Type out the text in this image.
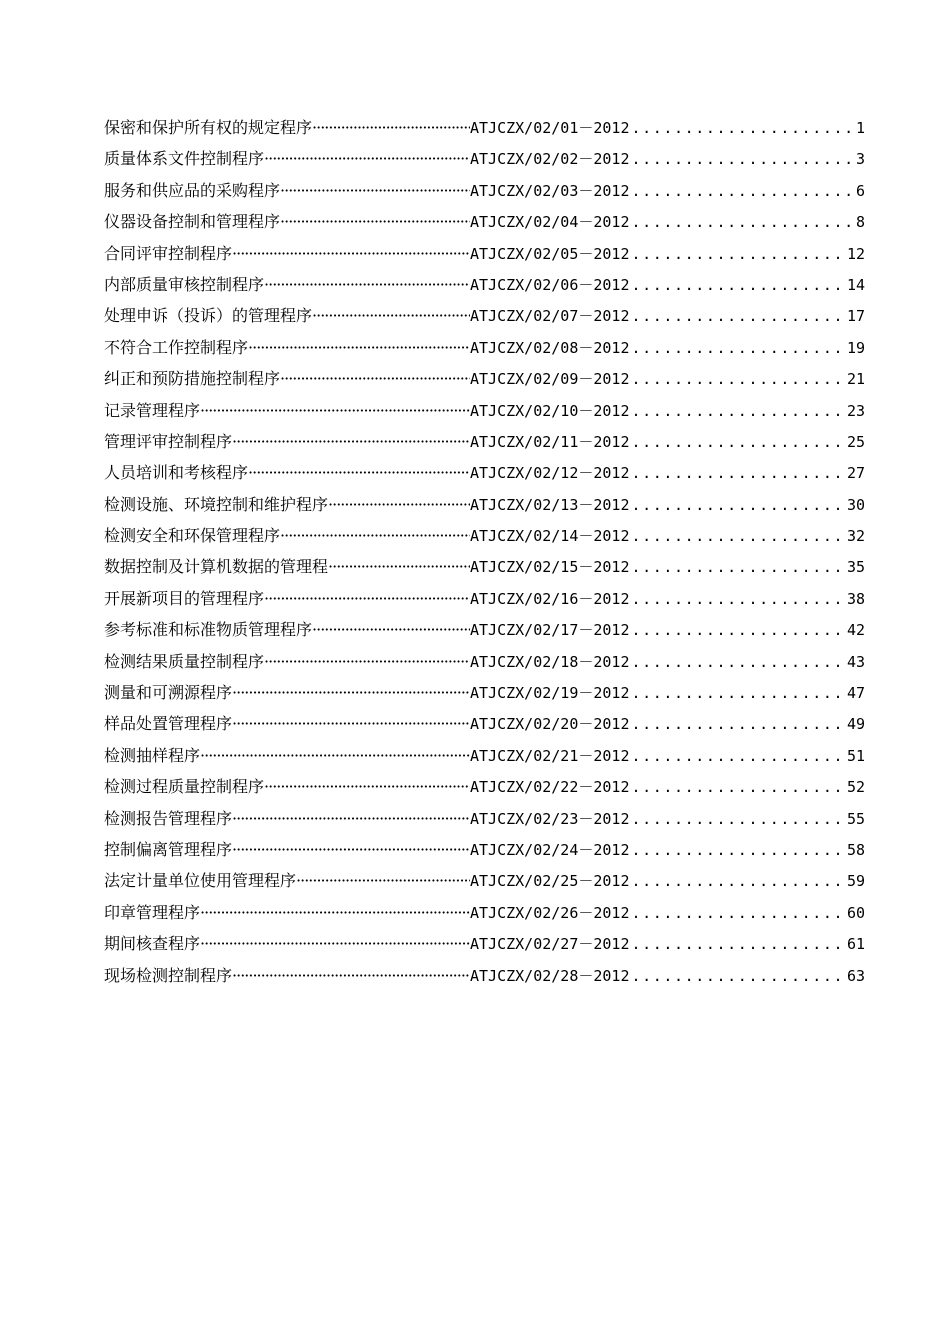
保密和保护所有权的规定程序 ·····	ATJCZX/02/01－2012 .....	1
质量体系文件控制程序 ·····	ATJCZX/02/02－2012 .....	3
服务和供应品的采购程序 ·····	ATJCZX/02/03－2012 .....	6
仪器设备控制和管理程序 ·····	ATJCZX/02/04－2012 .....	8
合同评审控制程序 ·····	ATJCZX/02/05－2012 .....	12
内部质量审核控制程序 ·····	ATJCZX/02/06－2012 .....	14
处理申诉（投诉）的管理程序 ·····	ATJCZX/02/07－2012 .....	17
不符合工作控制程序 ·····	ATJCZX/02/08－2012 .....	19
纠正和预防措施控制程序 ·····	ATJCZX/02/09－2012 .....	21
记录管理程序 ·····	ATJCZX/02/10－2012 .....	23
管理评审控制程序 ·····	ATJCZX/02/11－2012 .....	25
人员培训和考核程序 ·····	ATJCZX/02/12－2012 .....	27
检测设施、环境控制和维护程序 ·····	ATJCZX/02/13－2012 .....	30
检测安全和环保管理程序 ·····	ATJCZX/02/14－2012 .....	32
数据控制及计算机数据的管理程 ·····	ATJCZX/02/15－2012 .....	35
开展新项目的管理程序 ·····	ATJCZX/02/16－2012 .....	38
参考标准和标准物质管理程序 ·····	ATJCZX/02/17－2012 .....	42
检测结果质量控制程序 ·····	ATJCZX/02/18－2012 .....	43
测量和可溯源程序 ·····	ATJCZX/02/19－2012 .....	47
样品处置管理程序 ·····	ATJCZX/02/20－2012 .....	49
检测抽样程序 ·····	ATJCZX/02/21－2012 .....	51
检测过程质量控制程序 ·····	ATJCZX/02/22－2012 .....	52
检测报告管理程序 ·····	ATJCZX/02/23－2012 .....	55
控制偏离管理程序 ·····	ATJCZX/02/24－2012 .....	58
法定计量单位使用管理程序 ·····	ATJCZX/02/25－2012 .....	59
印章管理程序 ·····	ATJCZX/02/26－2012 .....	60
期间核查程序 ·····	ATJCZX/02/27－2012 .....	61
现场检测控制程序 ·····	ATJCZX/02/28－2012 .....	63
